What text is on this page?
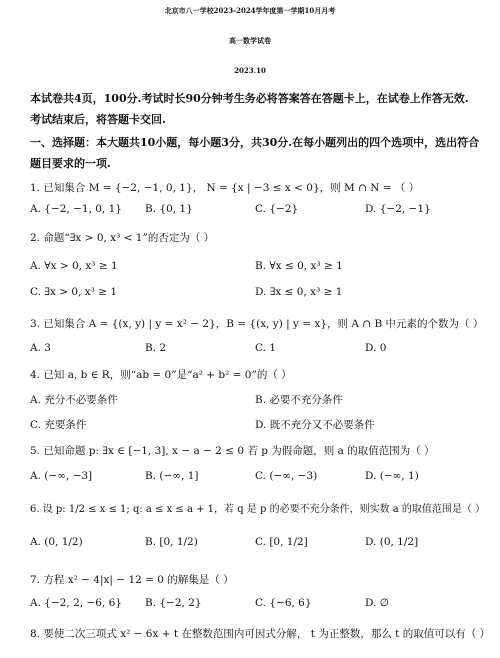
北京市八一学校2023-2024学年度第一学期10月月考
高一数学试卷
2023.10
本试卷共4页，100分.考试时长90分钟考生务必将答案答在答题卡上，在试卷上作答无效.
考试结束后，将答题卡交回.
一、选择题：本大题共10小题，每小题3分，共30分.在每小题列出的四个选项中，选出符合
题目要求的一项.
1. 已知集合 M = {−2, −1, 0, 1}， N = {x | −3 ≤ x < 0}，则 M ∩ N = （ ）
A. {−2, −1, 0, 1} B. {0, 1}	C. {−2}	D. {−2, −1}
2. 命题“∃x > 0, x³ < 1”的否定为（ ）
A. ∀x > 0, x³ ≥ 1	B. ∀x ≤ 0, x³ ≥ 1
C. ∃x > 0, x³ ≥ 1	D. ∃x ≤ 0, x³ ≥ 1
3. 已知集合 A = {(x, y) | y = x² − 2}，B = {(x, y) | y = x}，则 A ∩ B 中元素的个数为（ ）
A. 3	B. 2	C. 1	D. 0
4. 已知 a, b ∈ R，则“ab = 0”是“a² + b² = 0”的（ ）
A. 充分不必要条件	B. 必要不充分条件
C. 充要条件	D. 既不充分又不必要条件
5. 已知命题 p: ∃x ∈ [−1, 3], x − a − 2 ≤ 0 若 p 为假命题，则 a 的取值范围为（ ）
A. (−∞, −3]	B. (−∞, 1]	C. (−∞, −3)	D. (−∞, 1)
6. 设 p: 1/2 ≤ x ≤ 1; q: a ≤ x ≤ a + 1，若 q 是 p 的必要不充分条件，则实数 a 的取值范围是（ ）
A. (0, 1/2)	B. [0, 1/2)	C. [0, 1/2]	D. (0, 1/2]
7. 方程 x² − 4|x| − 12 = 0 的解集是（ ）
A. {−2, 2, −6, 6} B. {−2, 2}	C. {−6, 6}	D. ∅
8. 要使二次三项式 x² − 6x + t 在整数范围内可因式分解， t 为正整数，那么 t 的取值可以有（ ）
